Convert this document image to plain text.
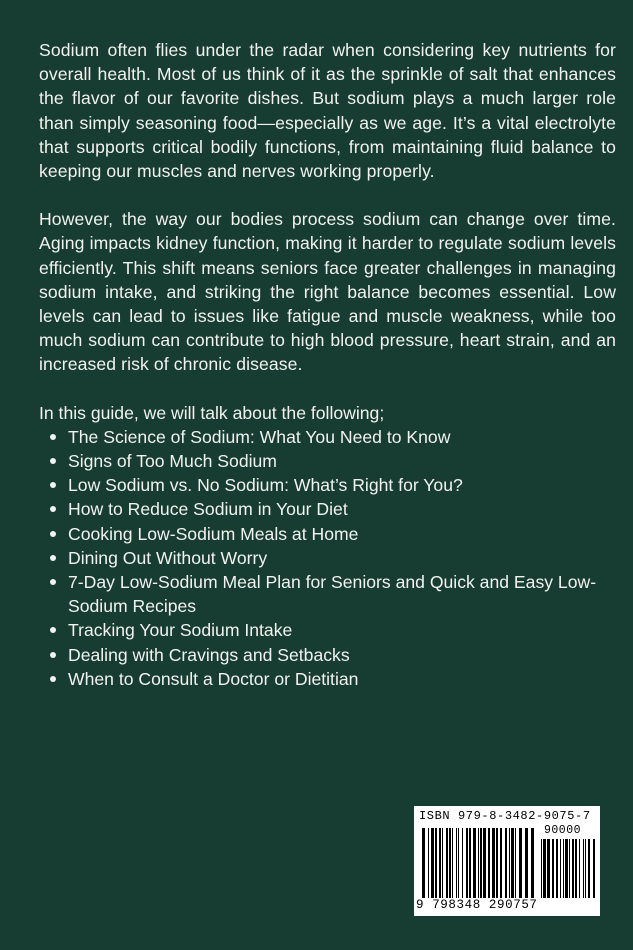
Sodium often flies under the radar when considering key nutrients for overall health. Most of us think of it as the sprinkle of salt that enhances the flavor of our favorite dishes. But sodium plays a much larger role than simply seasoning food—especially as we age. It’s a vital electrolyte that supports critical bodily functions, from maintaining fluid balance to keeping our muscles and nerves working properly.

However, the way our bodies process sodium can change over time. Aging impacts kidney function, making it harder to regulate sodium levels efficiently. This shift means seniors face greater challenges in managing sodium intake, and striking the right balance becomes essential. Low levels can lead to issues like fatigue and muscle weakness, while too much sodium can contribute to high blood pressure, heart strain, and an increased risk of chronic disease.

In this guide, we will talk about the following;

The Science of Sodium: What You Need to Know
Signs of Too Much Sodium
Low Sodium vs. No Sodium: What’s Right for You?
How to Reduce Sodium in Your Diet
Cooking Low-Sodium Meals at Home
Dining Out Without Worry
7-Day Low-Sodium Meal Plan for Seniors and Quick and Easy Low-Sodium Recipes
Tracking Your Sodium Intake
Dealing with Cravings and Setbacks
When to Consult a Doctor or Dietitian
ISBN 979-8-3482-9075-7
90000
9 798348 290757
